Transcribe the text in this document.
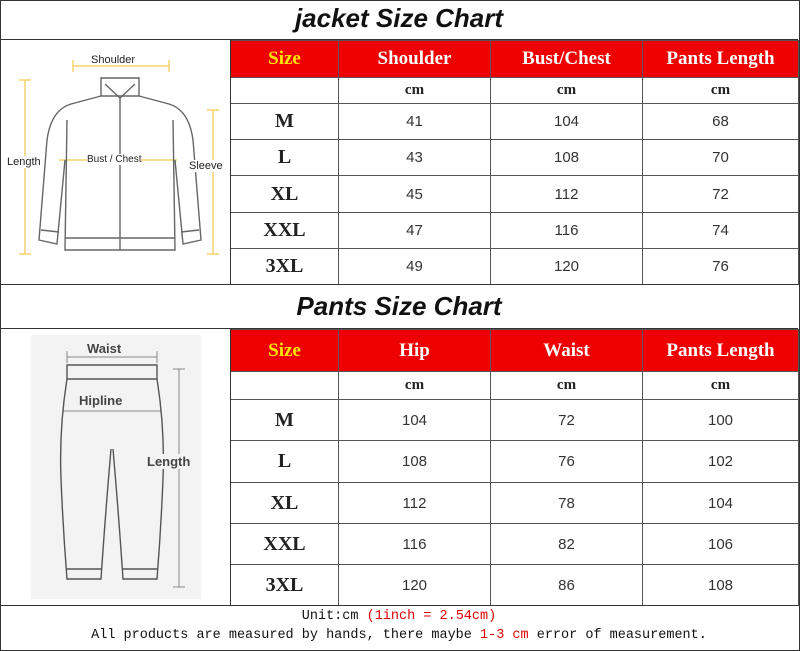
jacket Size Chart
Shoulder
Length	Bust / Chest
Sleeve
Size	Shoulder	Bust/Chest	Pants Length
	cm	cm	cm
M	41	104	68
L	43	108	70
XL	45	112	72
XXL	47	116	74
3XL	49	120	76
Pants Size Chart
Waist
Hipline
Length
Size	Hip	Waist	Pants Length
	cm	cm	cm
M	104	72	100
L	108	76	102
XL	112	78	104
XXL	116	82	106
3XL	120	86	108
Unit:cm (1inch = 2.54cm)
All products are measured by hands, there maybe 1-3 cm error of measurement.
